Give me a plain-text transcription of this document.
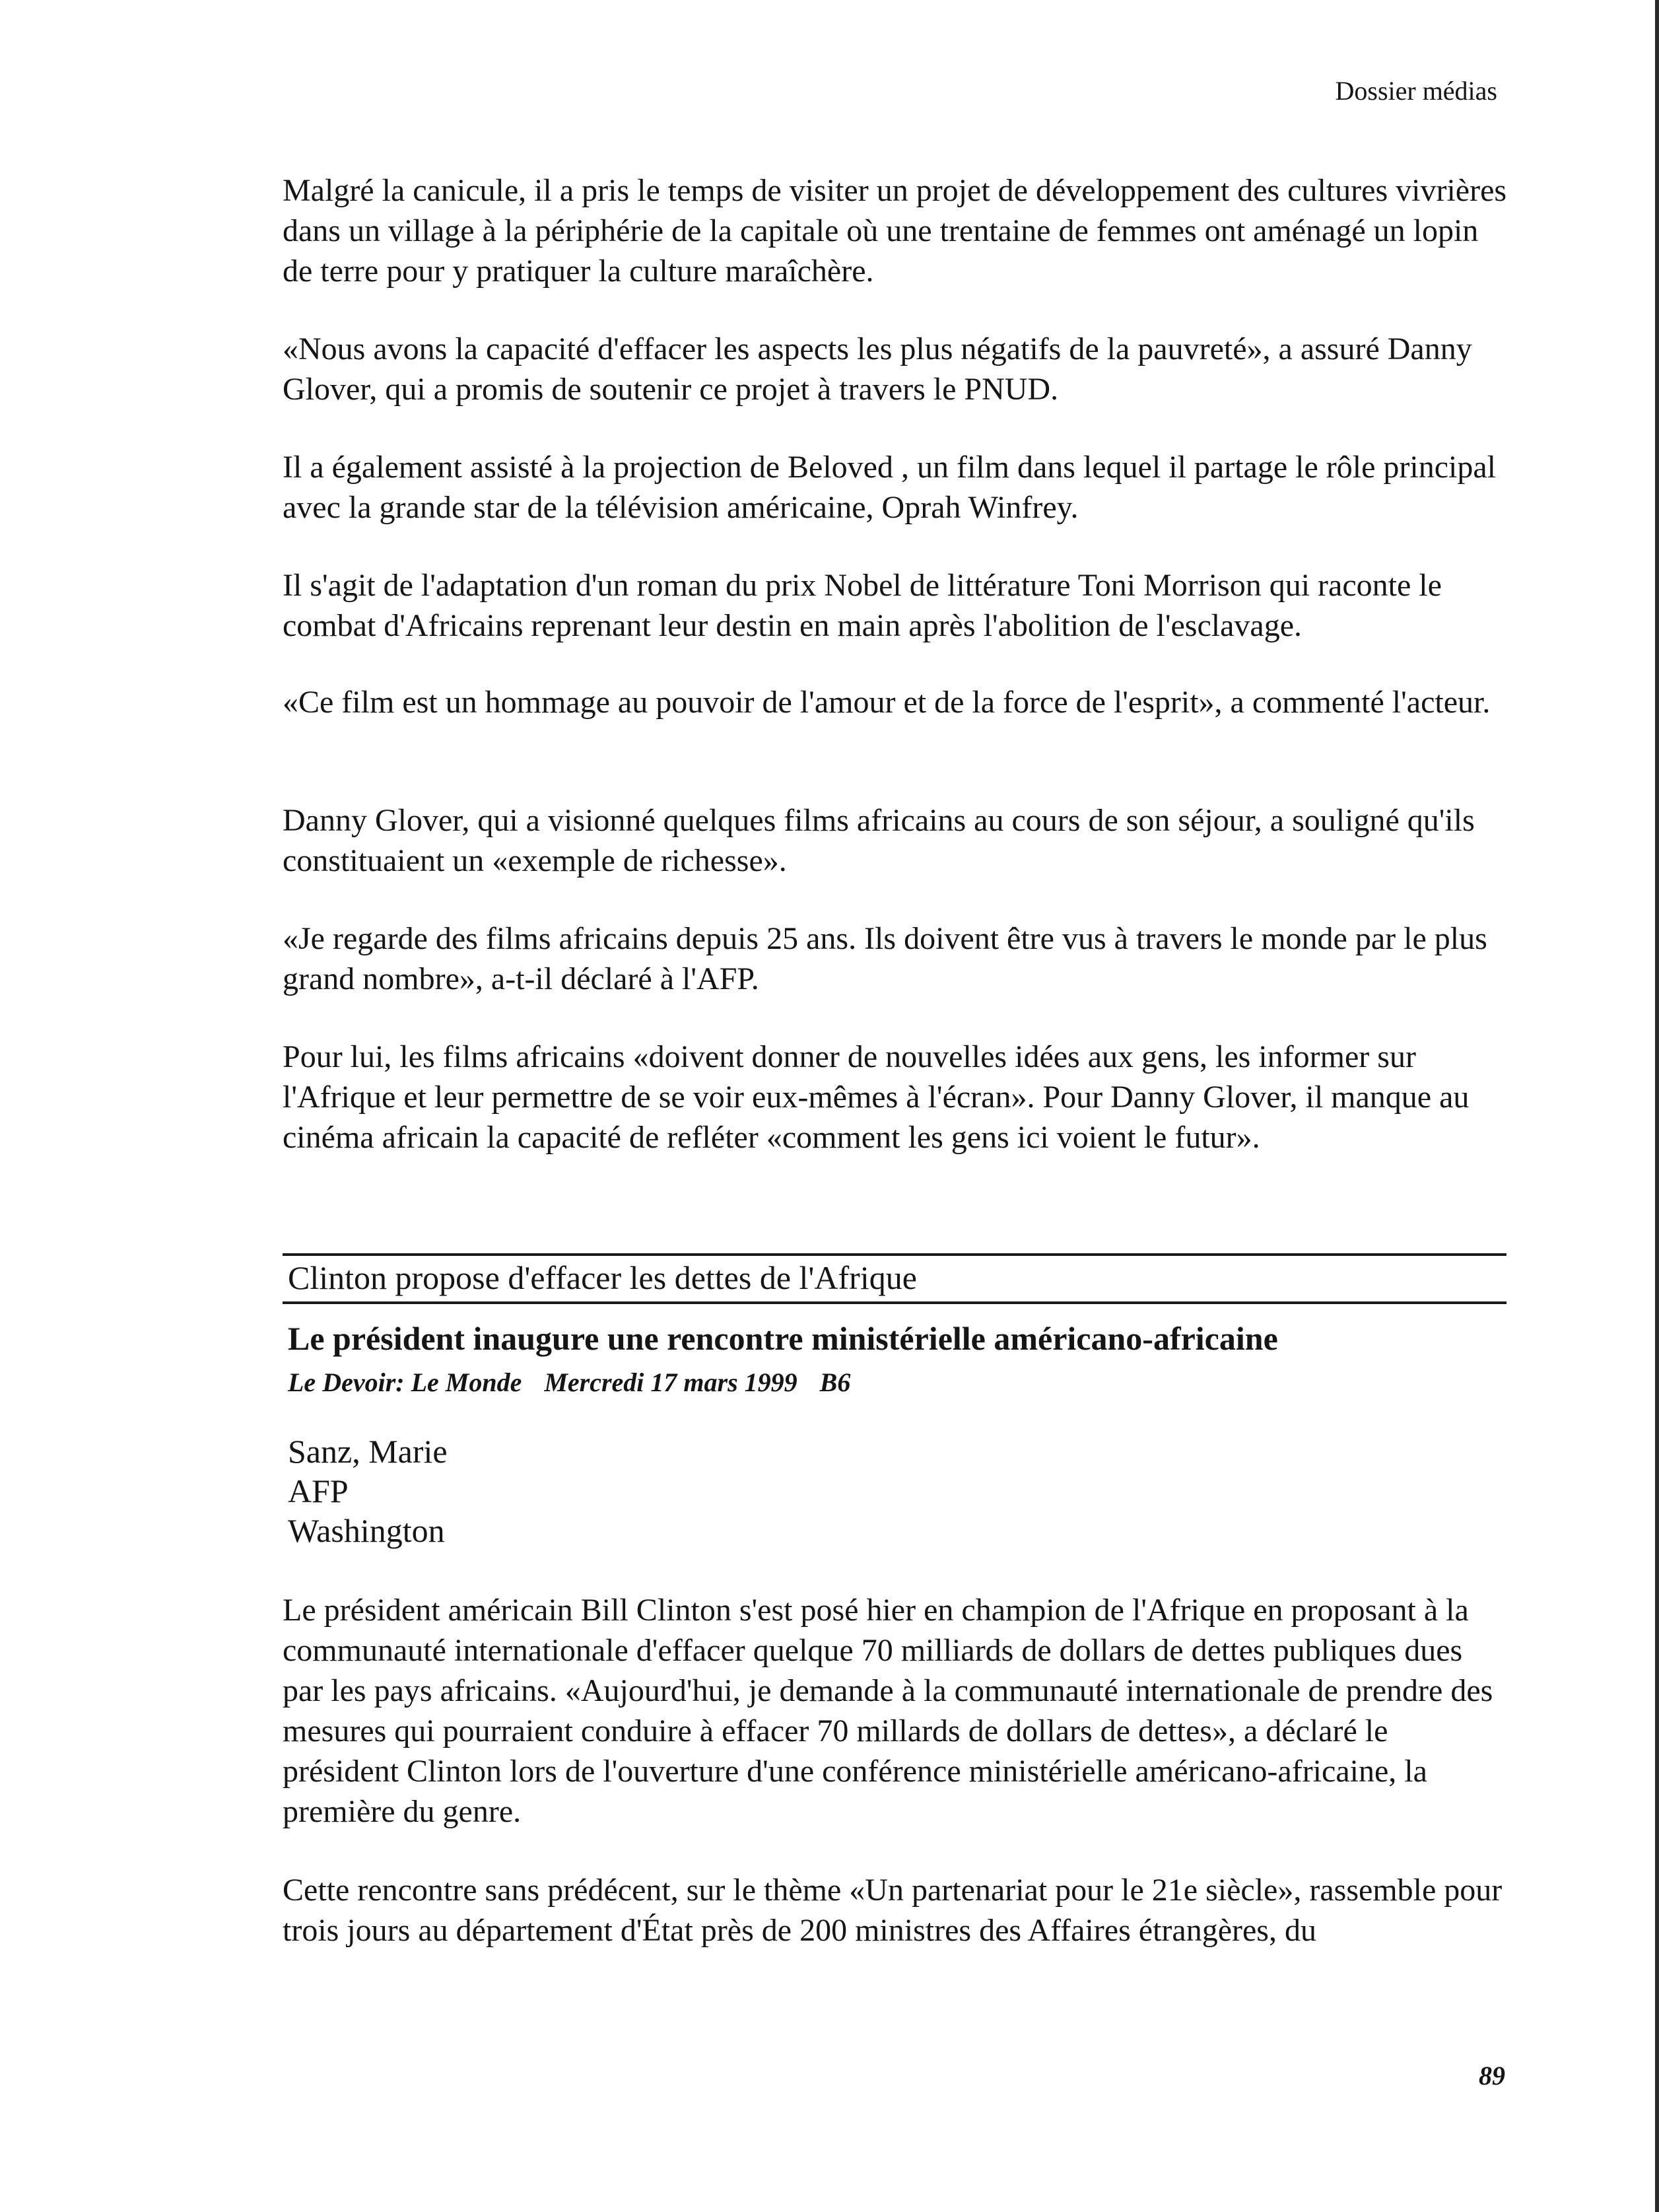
Dossier médias

Malgré la canicule, il a pris le temps de visiter un projet de développement des cultures vivrières dans un village à la périphérie de la capitale où une trentaine de femmes ont aménagé un lopin de terre pour y pratiquer la culture maraîchère.

«Nous avons la capacité d'effacer les aspects les plus négatifs de la pauvreté», a assuré Danny Glover, qui a promis de soutenir ce projet à travers le PNUD.

Il a également assisté à la projection de Beloved , un film dans lequel il partage le rôle principal avec la grande star de la télévision américaine, Oprah Winfrey.

Il s'agit de l'adaptation d'un roman du prix Nobel de littérature Toni Morrison qui raconte le combat d'Africains reprenant leur destin en main après l'abolition de l'esclavage.

«Ce film est un hommage au pouvoir de l'amour et de la force de l'esprit», a commenté l'acteur.

Danny Glover, qui a visionné quelques films africains au cours de son séjour, a souligné qu'ils constituaient un «exemple de richesse».

«Je regarde des films africains depuis 25 ans. Ils doivent être vus à travers le monde par le plus grand nombre», a-t-il déclaré à l'AFP.

Pour lui, les films africains «doivent donner de nouvelles idées aux gens, les informer sur l'Afrique et leur permettre de se voir eux-mêmes à l'écran». Pour Danny Glover, il manque au cinéma africain la capacité de refléter «comment les gens ici voient le futur».

Clinton propose d'effacer les dettes de l'Afrique
Le président inaugure une rencontre ministérielle américano-africaine
Le Devoir: Le Monde Mercredi 17 mars 1999 B6
Sanz, Marie
AFP
Washington

Le président américain Bill Clinton s'est posé hier en champion de l'Afrique en proposant à la communauté internationale d'effacer quelque 70 milliards de dollars de dettes publiques dues par les pays africains. «Aujourd'hui, je demande à la communauté internationale de prendre des mesures qui pourraient conduire à effacer 70 millards de dollars de dettes», a déclaré le président Clinton lors de l'ouverture d'une conférence ministérielle américano-africaine, la première du genre.

Cette rencontre sans prédécent, sur le thème «Un partenariat pour le 21e siècle», rassemble pour trois jours au département d'État près de 200 ministres des Affaires étrangères, du

89
